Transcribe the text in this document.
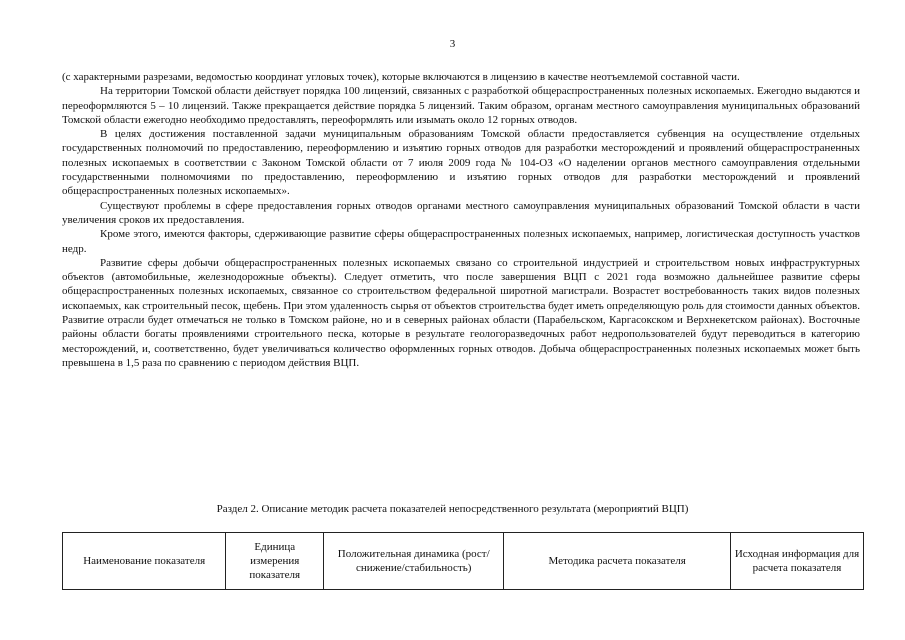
3

(с характерными разрезами, ведомостью координат угловых точек), которые включаются в лицензию в качестве неотъемлемой составной части.

На территории Томской области действует порядка 100 лицензий, связанных с разработкой общераспространенных полезных ископаемых. Ежегодно выдаются и переоформляются 5 – 10 лицензий. Также прекращается действие порядка 5 лицензий. Таким образом, органам местного самоуправления муниципальных образований Томской области ежегодно необходимо предоставлять, переоформлять или изымать около 12 горных отводов.

В целях достижения поставленной задачи муниципальным образованиям Томской области предоставляется субвенция на осуществление отдельных государственных полномочий по предоставлению, переоформлению и изъятию горных отводов для разработки месторождений и проявлений общераспространенных полезных ископаемых в соответствии с Законом Томской области от 7 июля 2009 года № 104-ОЗ «О наделении органов местного самоуправления отдельными государственными полномочиями по предоставлению, переоформлению и изъятию горных отводов для разработки месторождений и проявлений общераспространенных полезных ископаемых».

Существуют проблемы в сфере предоставления горных отводов органами местного самоуправления муниципальных образований Томской области в части увеличения сроков их предоставления.

Кроме этого, имеются факторы, сдерживающие развитие сферы общераспространенных полезных ископаемых, например, логистическая доступность участков недр.

Развитие сферы добычи общераспространенных полезных ископаемых связано со строительной индустрией и строительством новых инфраструктурных объектов (автомобильные, железнодорожные объекты). Следует отметить, что после завершения ВЦП с 2021 года возможно дальнейшее развитие сферы общераспространенных полезных ископаемых, связанное со строительством федеральной широтной магистрали. Возрастет востребованность таких видов полезных ископаемых, как строительный песок, щебень. При этом удаленность сырья от объектов строительства будет иметь определяющую роль для стоимости данных объектов. Развитие отрасли будет отмечаться не только в Томском районе, но и в северных районах области (Парабельском, Каргасокском и Верхнекетском районах). Восточные районы области богаты проявлениями строительного песка, которые в результате геологоразведочных работ недропользователей будут переводиться в категорию месторождений, и, соответственно, будет увеличиваться количество оформленных горных отводов. Добыча общераспространенных полезных ископаемых может быть превышена в 1,5 раза по сравнению с периодом действия ВЦП.

Раздел 2. Описание методик расчета показателей непосредственного результата (мероприятий ВЦП)
Наименование показателя	Единица измерения показателя	Положительная динамика (рост/снижение/стабильность)	Методика расчета показателя	Исходная информация для расчета показателя
